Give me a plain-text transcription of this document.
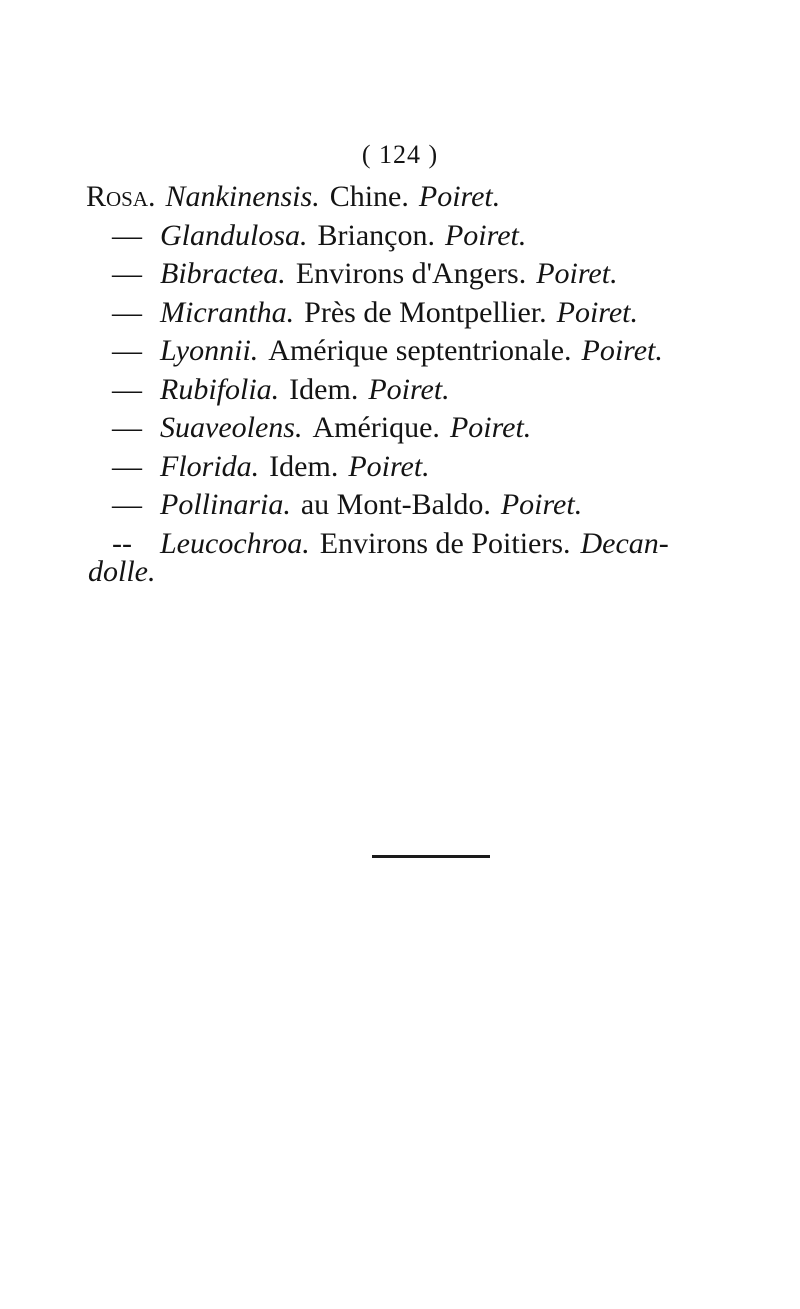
( 124 )
Rosa. Nankinensis. Chine. Poiret.
— Glandulosa. Briançon. Poiret.
— Bibractea. Environs d'Angers. Poiret.
— Micrantha. Près de Montpellier. Poiret.
— Lyonnii. Amérique septentrionale. Poiret.
— Rubifolia. Idem. Poiret.
— Suaveolens. Amérique. Poiret.
— Florida. Idem. Poiret.
— Pollinaria. au Mont-Baldo. Poiret.
-- Leucochroa. Environs de Poitiers. Decan-
dolle.
